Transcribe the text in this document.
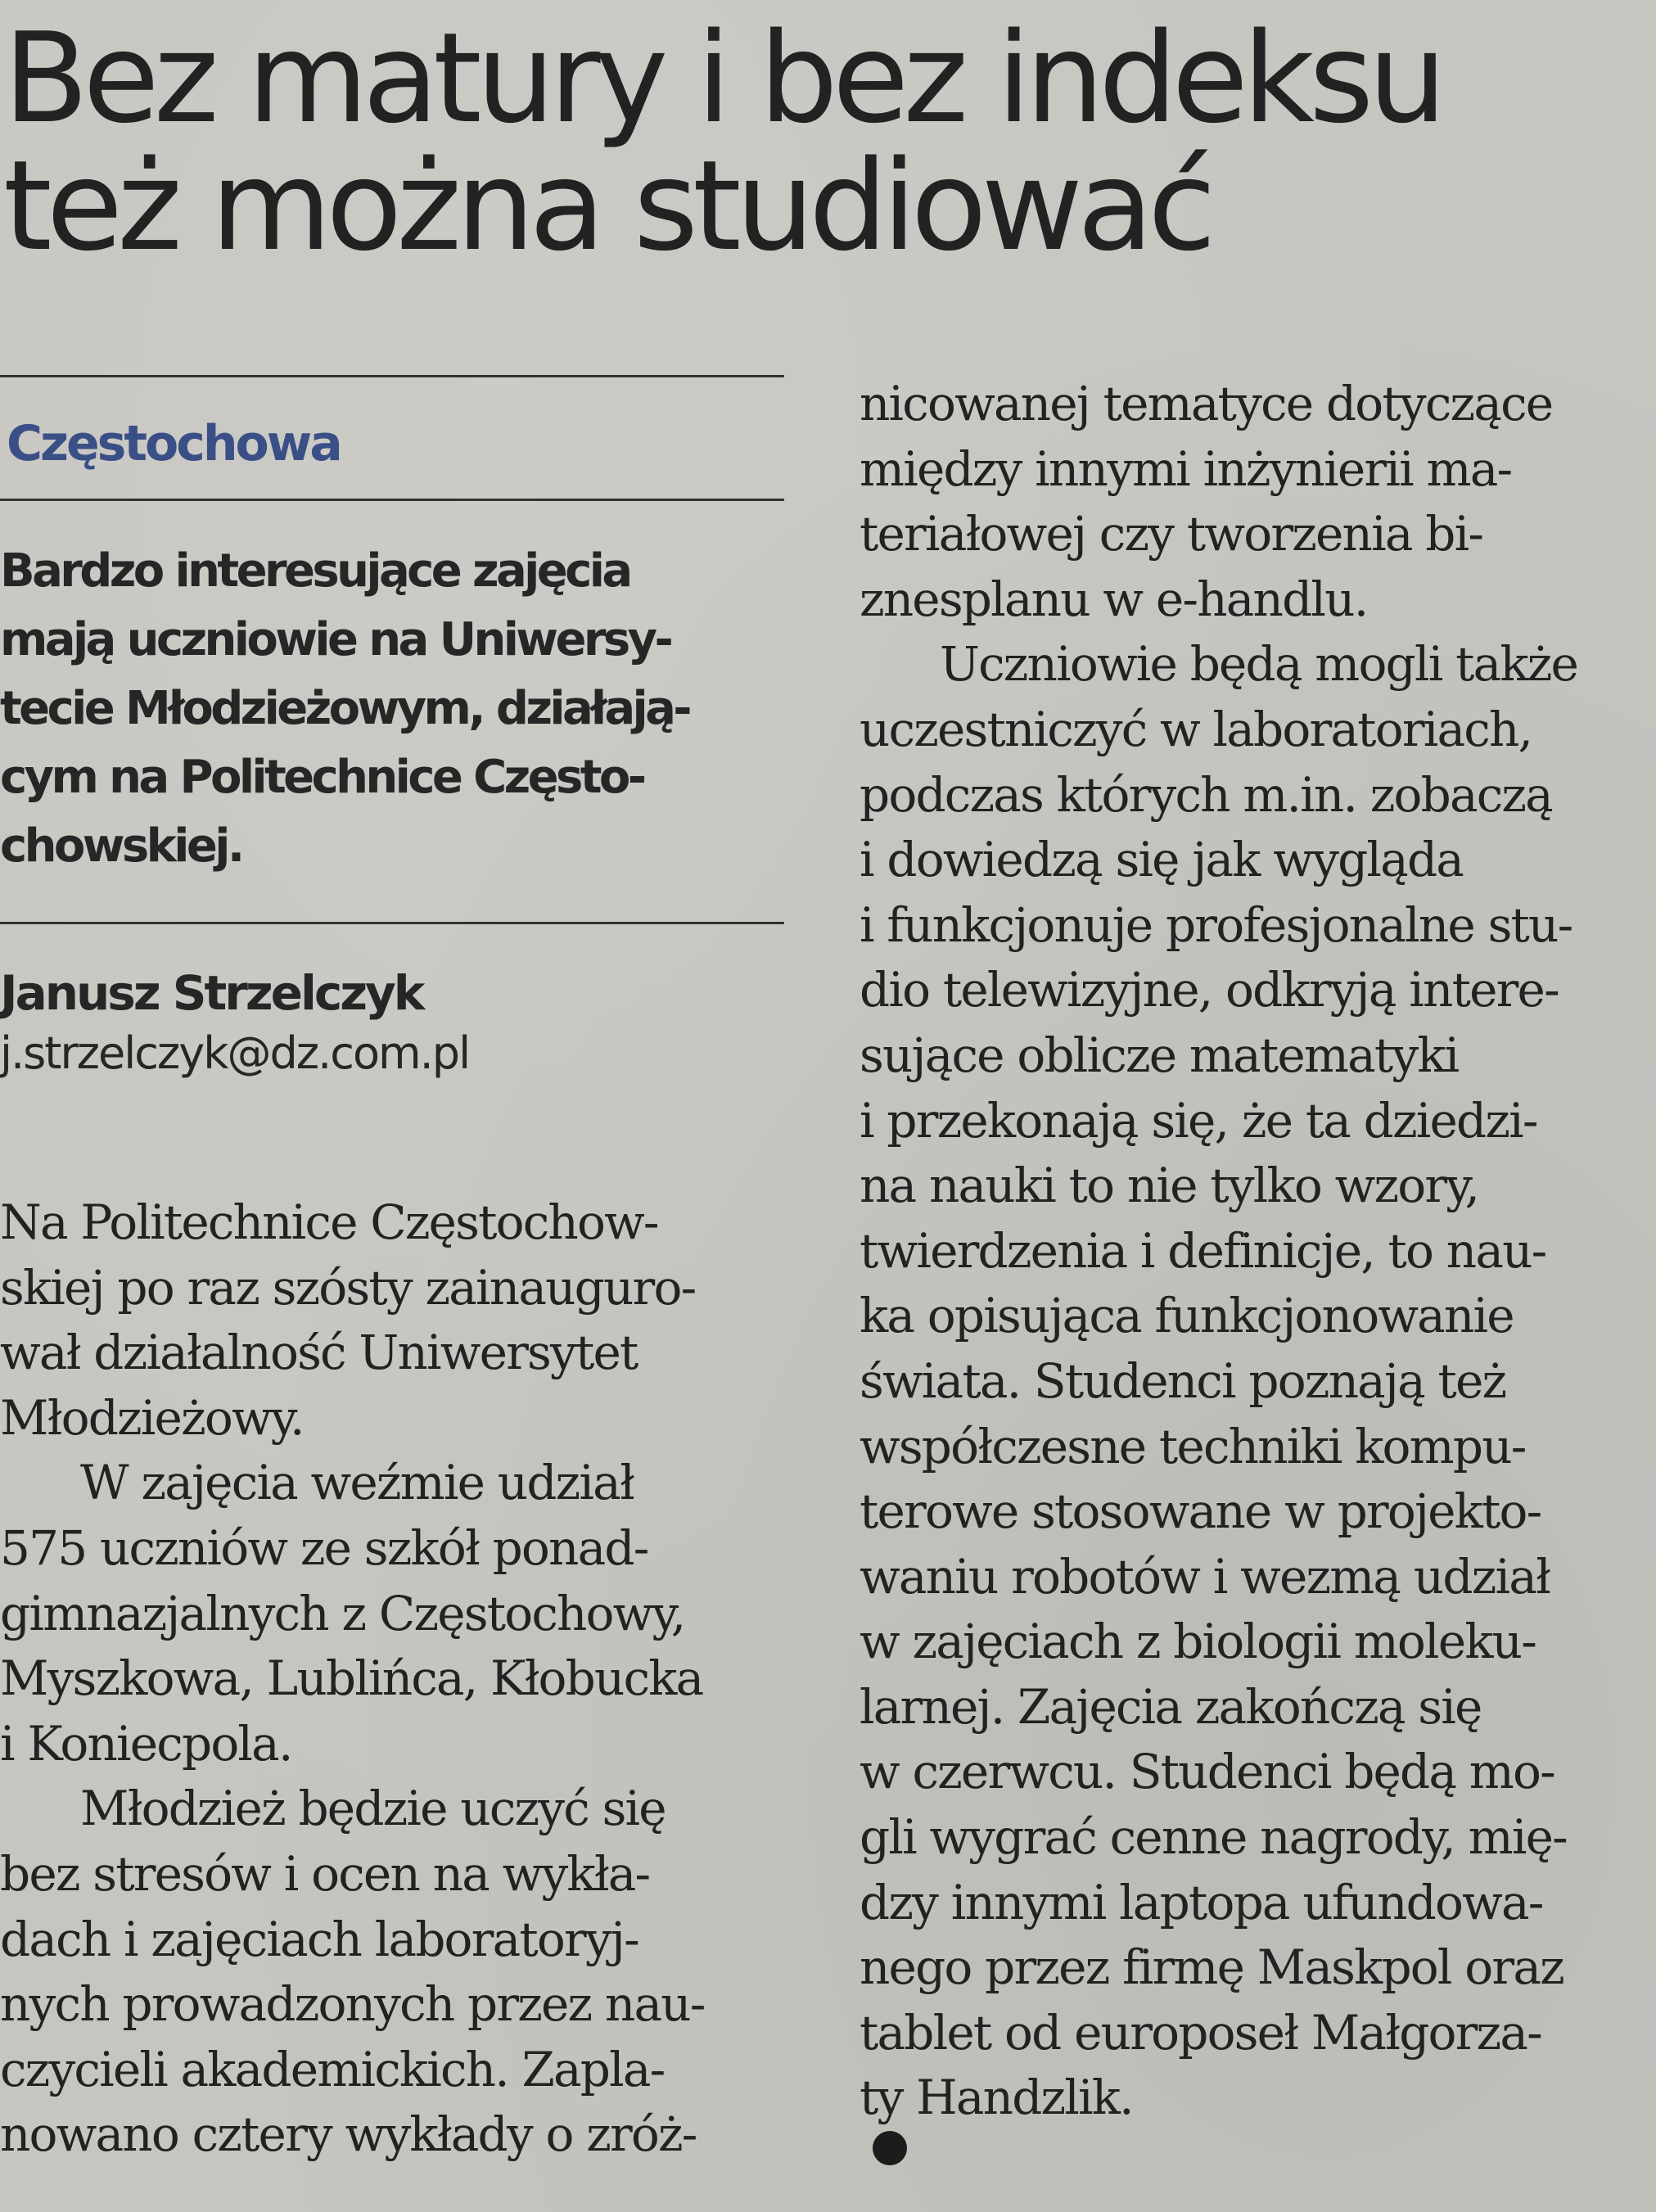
Bez matury i bez indeksu
też można studiować
Częstochowa
Bardzo interesujące zajęcia
mają uczniowie na Uniwersy-
tecie Młodzieżowym, działają-
cym na Politechnice Często-
chowskiej.
Janusz Strzelczyk
j.strzelczyk@dz.com.pl
Na Politechnice Częstochow-
skiej po raz szósty zainauguro-
wał działalność Uniwersytet
Młodzieżowy.
W zajęcia weźmie udział
575 uczniów ze szkół ponad-
gimnazjalnych z Częstochowy,
Myszkowa, Lublińca, Kłobucka
i Koniecpola.
Młodzież będzie uczyć się
bez stresów i ocen na wykła-
dach i zajęciach laboratoryj-
nych prowadzonych przez nau-
czycieli akademickich. Zapla-
nowano cztery wykłady o zróż-
nicowanej tematyce dotyczące
między innymi inżynierii ma-
teriałowej czy tworzenia bi-
znesplanu w e-handlu.
Uczniowie będą mogli także
uczestniczyć w laboratoriach,
podczas których m.in. zobaczą
i dowiedzą się jak wygląda
i funkcjonuje profesjonalne stu-
dio telewizyjne, odkryją intere-
sujące oblicze matematyki
i przekonają się, że ta dziedzi-
na nauki to nie tylko wzory,
twierdzenia i definicje, to nau-
ka opisująca funkcjonowanie
świata. Studenci poznają też
współczesne techniki kompu-
terowe stosowane w projekto-
waniu robotów i wezmą udział
w zajęciach z biologii moleku-
larnej. Zajęcia zakończą się
w czerwcu. Studenci będą mo-
gli wygrać cenne nagrody, mię-
dzy innymi laptopa ufundowa-
nego przez firmę Maskpol oraz
tablet od europoseł Małgorza-
ty Handzlik.
